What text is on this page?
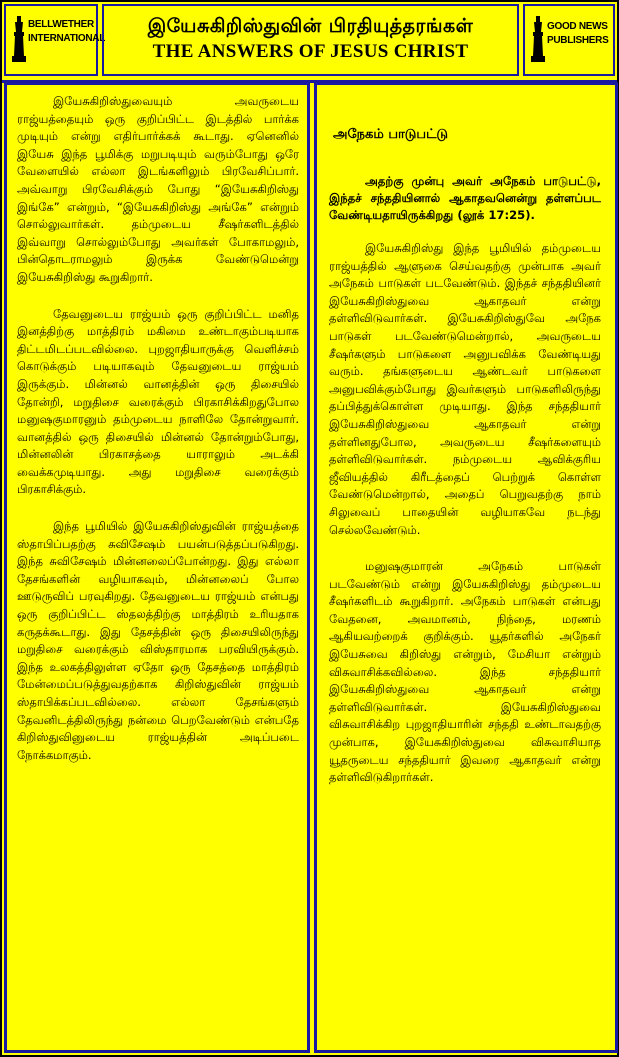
BELLWETHER
INTERNATIONAL
இயேசுகிறிஸ்துவின் பிரதியுத்தரங்கள்
THE ANSWERS OF JESUS CHRIST
GOOD NEWS
PUBLISHERS

இயேசுகிறிஸ்துவையும் அவருடைய ராஜ்யத்தையும் ஒரு குறிப்பிட்ட இடத்தில் பார்க்க முடியும் என்று எதிர்பார்க்கக் கூடாது. ஏனெனில் இயேசு இந்த பூமிக்கு மறுபடியும் வரும்போது ஒரே வேளையில் எல்லா இடங்களிலும் பிரவேசிப்பார். அவ்வாறு பிரவேசிக்கும் போது “இயேசுகிறிஸ்து இங்கே” என்றும், “இயேசுகிறிஸ்து அங்கே” என்றும் சொல்லுவார்கள். தம்முடைய சீஷர்களிடத்தில் இவ்வாறு சொல்லும்போது அவர்கள் போகாமலும், பின்தொடராமலும் இருக்க வேண்டுமென்று இயேசுகிறிஸ்து கூறுகிறார்.

தேவனுடைய ராஜ்யம் ஒரு குறிப்பிட்ட மனித இனத்திற்கு மாத்திரம் மகிமை உண்டாகும்படியாக திட்டமிடப்படவில்லை. புறஜாதியாருக்கு வெளிச்சம் கொடுக்கும் படியாகவும் தேவனுடைய ராஜ்யம் இருக்கும். மின்னல் வானத்தின் ஒரு திசையில் தோன்றி, மறுதிசை வரைக்கும் பிரகாசிக்கிறதுபோல மனுஷகுமாரனும் தம்முடைய நாளிலே தோன்றுவார். வானத்தில் ஒரு திசையில் மின்னல் தோன்றும்போது, மின்னலின் பிரகாசத்தை யாராலும் அடக்கி வைக்கமுடியாது. அது மறுதிசை வரைக்கும் பிரகாசிக்கும்.

இந்த பூமியில் இயேசுகிறிஸ்துவின் ராஜ்யத்தை ஸ்தாபிப்பதற்கு சுவிசேஷம் பயன்படுத்தப்படுகிறது. இந்த சுவிசேஷம் மின்னலைப்போன்றது. இது எல்லா தேசங்களின் வழியாகவும், மின்னலைப் போல ஊடுருவிப் பரவுகிறது. தேவனுடைய ராஜ்யம் என்பது ஒரு குறிப்பிட்ட ஸ்தலத்திற்கு மாத்திரம் உரியதாக கருதக்கூடாது. இது தேசத்தின் ஒரு திசையிலிருந்து மறுதிசை வரைக்கும் விஸ்தாரமாக பரவியிருக்கும். இந்த உலகத்திலுள்ள ஏதோ ஒரு தேசத்தை மாத்திரம் மேன்மைப்படுத்துவதற்காக கிறிஸ்துவின் ராஜ்யம் ஸ்தாபிக்கப்படவில்லை. எல்லா தேசங்களும் தேவனிடத்திலிருந்து நன்மை பெறவேண்டும் என்பதே கிறிஸ்துவினுடைய ராஜ்யத்தின் அடிப்படை நோக்கமாகும்.

அநேகம் பாடுபட்டு

அதற்கு முன்பு அவர் அநேகம் பாடுபட்டு, இந்தச் சந்ததியினால் ஆகாதவனென்று தள்ளப்பட வேண்டியதாயிருக்கிறது (லூக் 17:25).

இயேசுகிறிஸ்து இந்த பூமியில் தம்முடைய ராஜ்யத்தில் ஆளுகை செய்வதற்கு முன்பாக அவர் அநேகம் பாடுகள் படவேண்டும். இந்தச் சந்ததியினர் இயேசுகிறிஸ்துவை ஆகாதவர் என்று தள்ளிவிடுவார்கள். இயேசுகிறிஸ்துவே அநேக பாடுகள் படவேண்டுமென்றால், அவருடைய சீஷர்களும் பாடுகளை அனுபவிக்க வேண்டியது வரும். தங்களுடைய ஆண்டவர் பாடுகளை அனுபவிக்கும்போது இவர்களும் பாடுகளிலிருந்து தப்பித்துக்கொள்ள முடியாது. இந்த சந்ததியார் இயேசுகிறிஸ்துவை ஆகாதவர் என்று தள்ளினதுபோல, அவருடைய சீஷர்களையும் தள்ளிவிடுவார்கள். நம்முடைய ஆவிக்குரிய ஜீவியத்தில் கிரீடத்தைப் பெற்றுக் கொள்ள வேண்டுமென்றால், அதைப் பெறுவதற்கு நாம் சிலுவைப் பாதையின் வழியாகவே நடந்து செல்லவேண்டும்.

மனுஷகுமாரன் அநேகம் பாடுகள் படவேண்டும் என்று இயேசுகிறிஸ்து தம்முடைய சீஷர்களிடம் கூறுகிறார். அநேகம் பாடுகள் என்பது வேதனை, அவமானம், நிந்தை, மரணம் ஆகியவற்றைக் குறிக்கும். யூதர்களில் அநேகர் இயேசுவை கிறிஸ்து என்றும், மேசியா என்றும் விசுவாசிக்கவில்லை. இந்த சந்ததியார் இயேசுகிறிஸ்துவை ஆகாதவர் என்று தள்ளிவிடுவார்கள். இயேசுகிறிஸ்துவை விசுவாசிக்கிற புறஜாதியாரின் சந்ததி உண்டாவதற்கு முன்பாக, இயேசுகிறிஸ்துவை விசுவாசியாத யூதருடைய சந்ததியார் இவரை ஆகாதவர் என்று தள்ளிவிடுகிறார்கள்.
